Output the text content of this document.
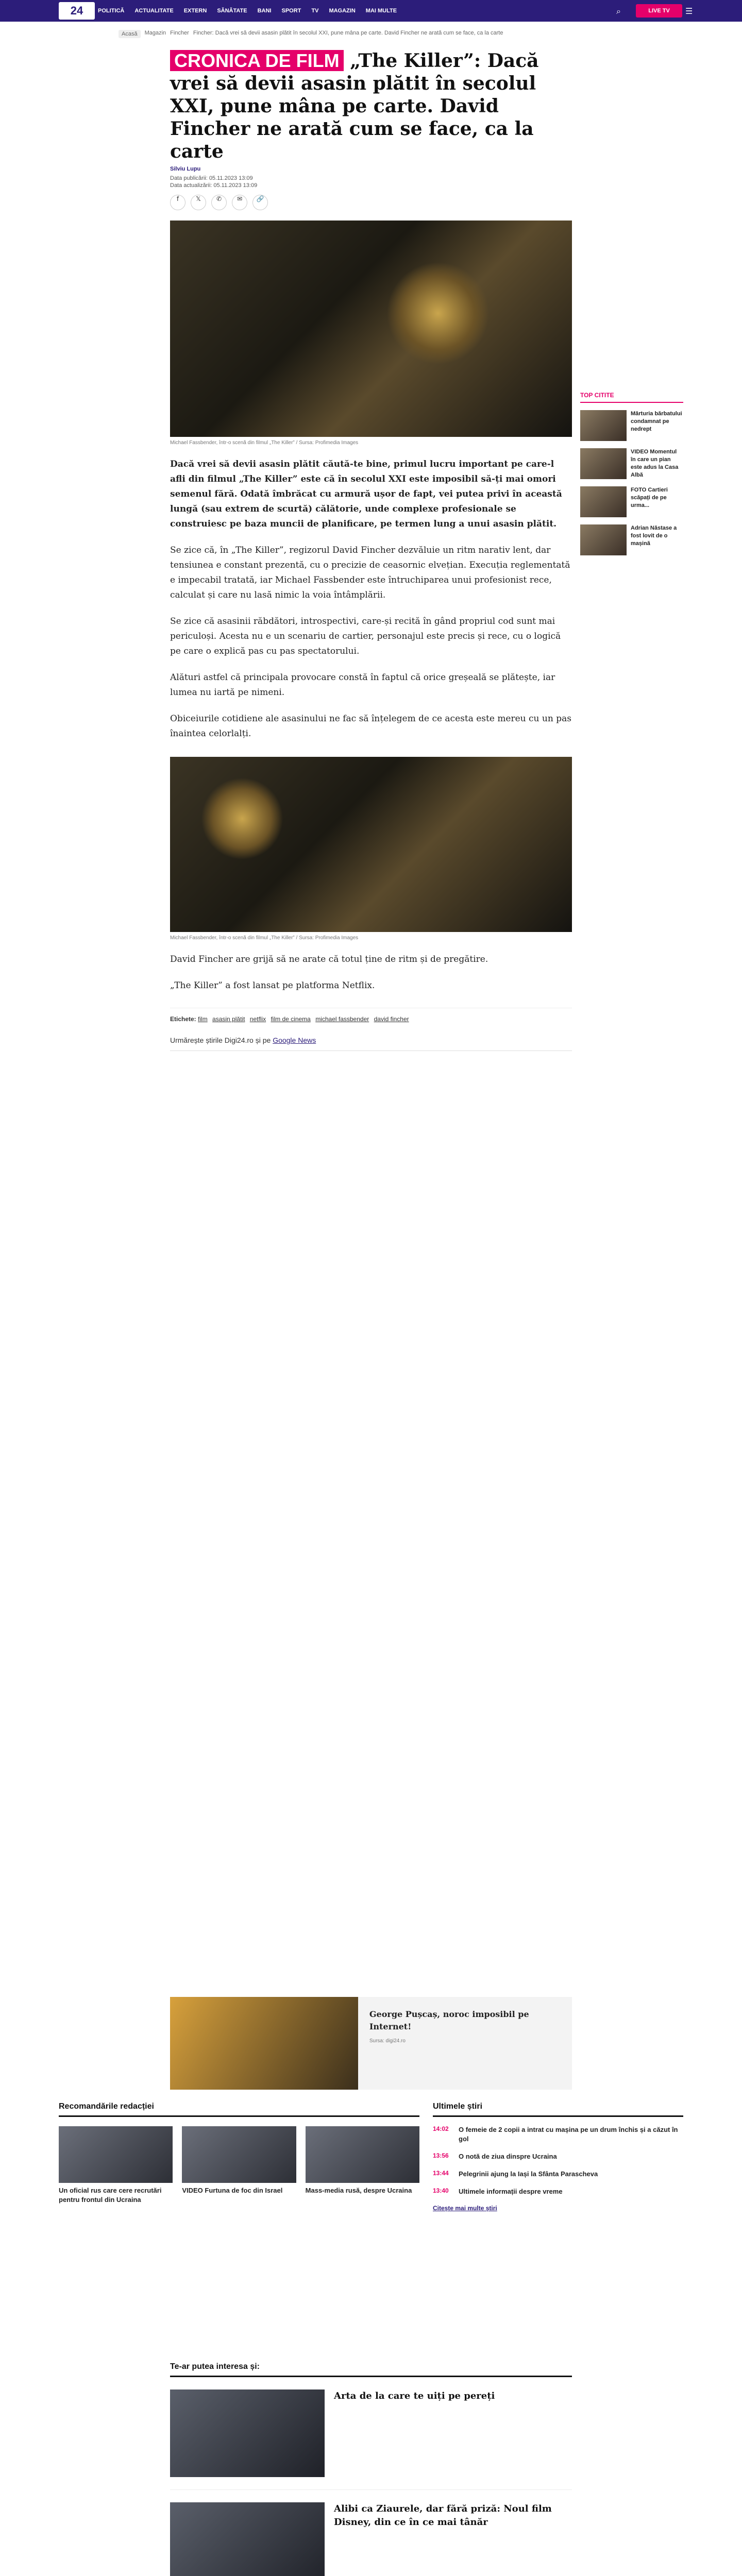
24	POLITICĂ ACTUALITATE EXTERN SĂNĂTATE BANI SPORT TV MAGAZIN MAI MULTE	⌕	LIVE TV	☰
Acasă	Magazin Fincher Fincher: Dacă vrei să devii asasin plătit în secolul XXI, pune mâna pe carte. David Fincher ne arată cum se face, ca la carte
CRONICA DE FILM „The Killer”: Dacă vrei să devii asasin plătit în secolul XXI, pune mâna pe carte. David Fincher ne arată cum se face, ca la carte
Silviu Lupu
Data publicării: 05.11.2023 13:09
Data actualizării: 05.11.2023 13:09
f	𝕏	✆	✉	🔗
Michael Fassbender, într-o scenă din filmul „The Killer” / Sursa: Profimedia Images

Dacă vrei să devii asasin plătit căută-te bine, primul lucru important pe care-l afli din filmul „The Killer” este că în secolul XXI este imposibil să-ți mai omori semenul fără. Odată îmbrăcat cu armură ușor de fapt, vei putea privi în această lungă (sau extrem de scurtă) călătorie, unde complexe profesionale se construiesc pe baza muncii de planificare, pe termen lung a unui asasin plătit.

Se zice că, în „The Killer”, regizorul David Fincher dezvăluie un ritm narativ lent, dar tensiunea e constant prezentă, cu o precizie de ceasornic elvețian. Execuția reglementată e impecabil tratată, iar Michael Fassbender este întruchiparea unui profesionist rece, calculat și care nu lasă nimic la voia întâmplării.

Se zice că asasinii răbdători, introspectivi, care-și recită în gând propriul cod sunt mai periculoși. Acesta nu e un scenariu de cartier, personajul este precis și rece, cu o logică pe care o explică pas cu pas spectatorului.

Alături astfel că principala provocare constă în faptul că orice greșeală se plătește, iar lumea nu iartă pe nimeni.

Obiceiurile cotidiene ale asasinului ne fac să înțelegem de ce acesta este mereu cu un pas înaintea celorlalți.

Michael Fassbender, într-o scenă din filmul „The Killer” / Sursa: Profimedia Images

David Fincher are grijă să ne arate că totul ține de ritm și de pregătire.

„The Killer” a fost lansat pe platforma Netflix.

Etichete: film asasin plătit netflix film de cinema michael fassbender david fincher
Urmărește știrile Digi24.ro și pe Google News
George Pușcaș, noroc imposibil pe Internet!
Sursa: digi24.ro
TOP CITITE
Mărturia bărbatului condamnat pe nedrept
VIDEO Momentul în care un pian este adus la Casa Albă
FOTO Cartieri scăpați de pe urma...
Adrian Năstase a fost lovit de o mașină
Recomandările redacției
Un oficial rus care cere recrutări pentru frontul din Ucraina
VIDEO Furtuna de foc din Israel	Mass-media rusă, despre Ucraina
Ultimele știri
14:02	O femeie de 2 copii a intrat cu mașina pe un drum închis și a căzut în gol
13:56	O notă de ziua dinspre Ucraina
13:44	Pelegrinii ajung la Iași la Sfânta Parascheva
13:40	Ultimele informații despre vreme
Citește mai multe știri
Te-ar putea interesa și:
Arta de la care te uiți pe pereți
Alibi ca Ziaurele, dar fără priză: Noul film Disney, din ce în ce mai tânăr
